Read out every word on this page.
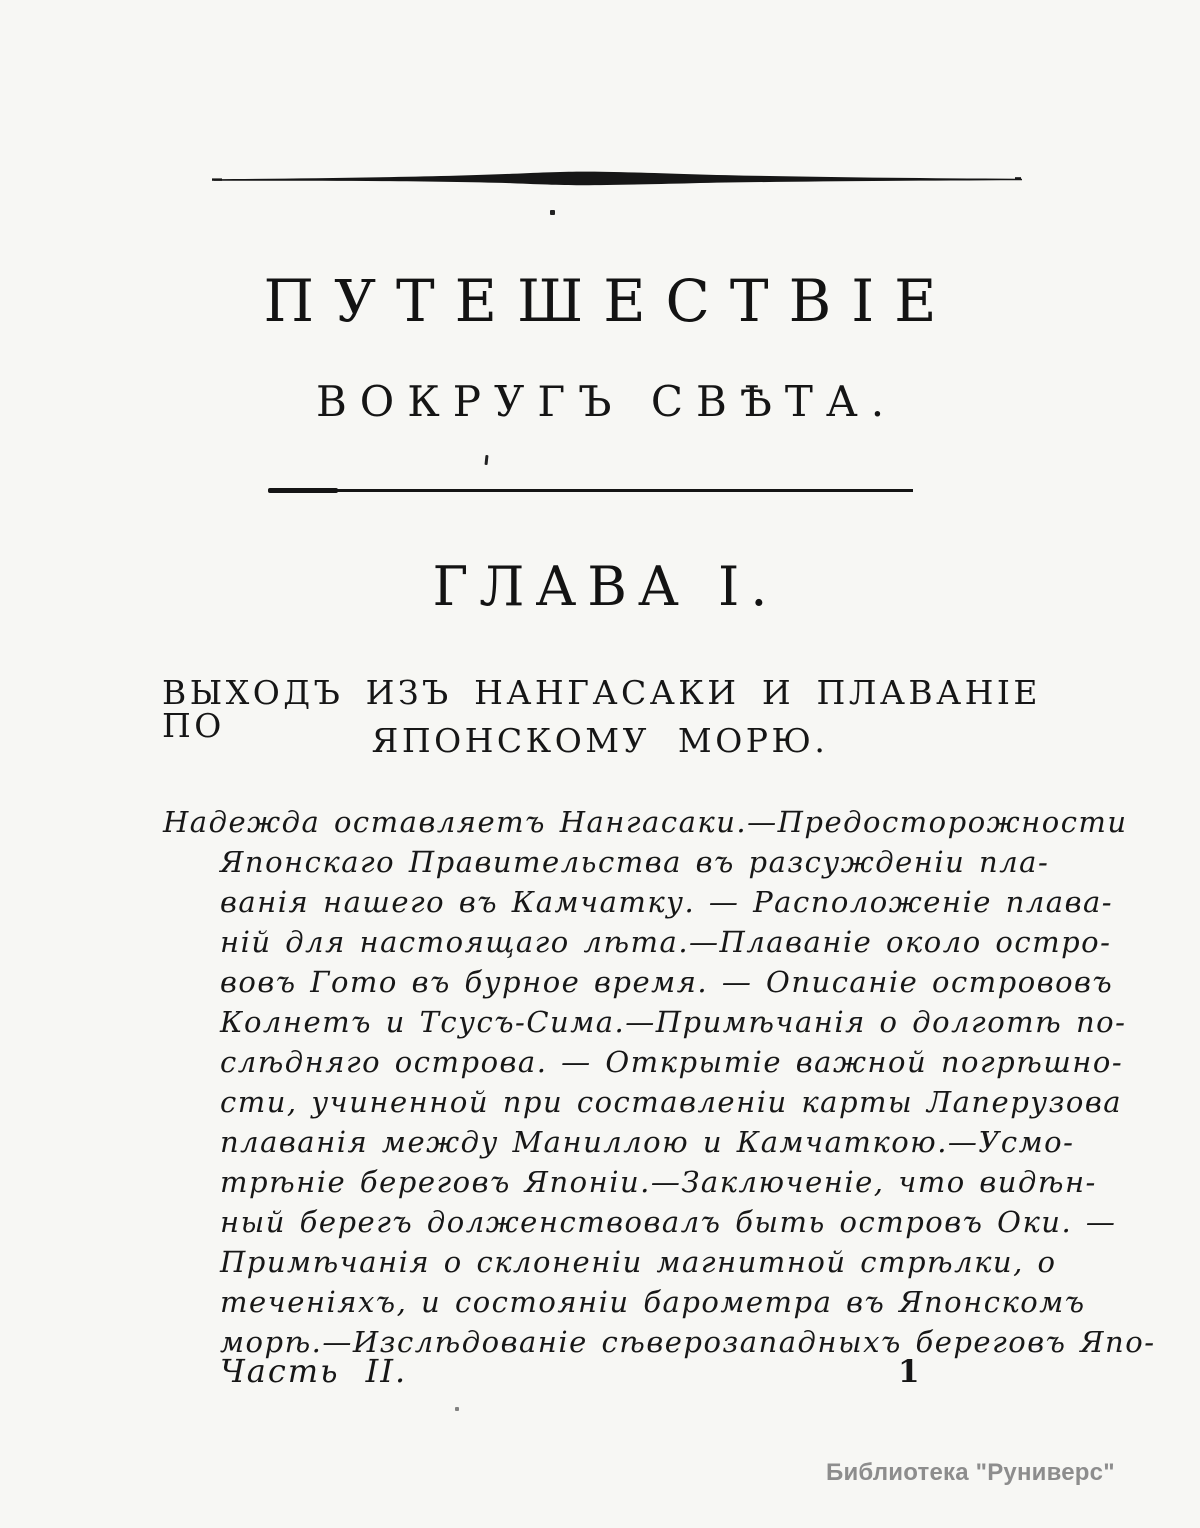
ПУТЕШЕСТВІЕ
ВОКРУГЪ СВѢТА.
ГЛАВА I.
ВЫХОДЪ ИЗЪ НАНГАСАКИ И ПЛАВАНІЕ ПО	ЯПОНСКОМУ МОРЮ.
Надежда оставляетъ Нангасаки.—Предосторожности
Японскаго Правительства въ разсужденіи пла-
ванія нашего въ Камчатку. — Расположеніе плава-
ній для настоящаго лѣта.—Плаваніе около остро-
вовъ Гото въ бурное время. — Описаніе острововъ
Колнетъ и Тсусъ-Сима.—Примѣчанія о долготѣ по-
слѣдняго острова. — Открытіе важной погрѣшно-
сти, учиненной при составленіи карты Лаперузова
плаванія между Маниллою и Камчаткою.—Усмо-
трѣніе береговъ Японіи.—Заключеніе, что видѣн-
ный берегъ долженствовалъ быть островъ Оки. —
Примѣчанія о склоненіи магнитной стрѣлки, о
теченіяхъ, и состояніи барометра въ Японскомъ
морѣ.—Изслѣдованіе сѣверозападныхъ береговъ Япо-
Часть II.	1
Библиотека "Руниверс"
